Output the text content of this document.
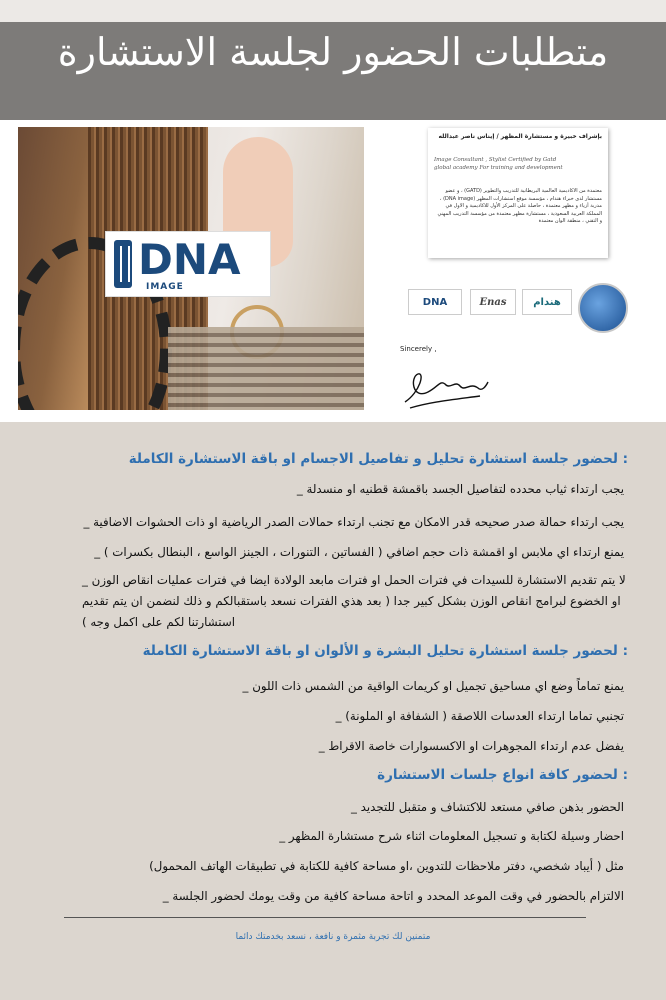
متطلبات الحضور لجلسة الاستشارة
DNA
IMAGE
بإشراف خبيرة و مستشارة المظهر / إيناس ناصر عبدالله
Image Consultant , Stylist Certified by Gatd global academy For training and development
معتمدة من الاكاديمية العالمية البريطانية للتدريب والتطوير (GATD) ، و عضو مستشار لدى خبراء هندام ، مؤسسة موقع استشارات المظهر (DNA image) ، مدربة أزياء و مظهر معتمدة ، حاصلة على المركز الأول للاكاديمية و الاول في المملكة العربية السعودية ، مستشارة مظهر معتمدة من مؤسسة التدريب المهني و التقني ، منطقة الوان معتمدة
DNA	Enas	هندام
Sincerely ,
لحضور جلسة استشارة تحليل و تفاصيل الاجسام او باقة الاستشارة الكاملة :
_ يجب ارتداء ثياب محدده لتفاصيل الجسد باقمشة قطنيه او منسدلة
_ يجب ارتداء حمالة صدر صحيحه قدر الامكان مع تجنب ارتداء حمالات الصدر الرياضية او ذات الحشوات الاضافية
_ يمنع ارتداء اي ملابس او اقمشة ذات حجم اضافي ( الفساتين ، التنورات ، الجينز الواسع ، البنطال بكسرات )
_ لا يتم تقديم الاستشارة للسيدات في فترات الحمل او فترات مابعد الولادة ايضا في فترات عمليات انقاص الوزن او الخضوع لبرامج انقاص الوزن بشكل كبير جدا ( بعد هذي الفترات نسعد باستقبالكم و ذلك لنضمن ان يتم تقديم استشارتنا لكم على اكمل وجه )
لحضور جلسة استشارة تحليل البشرة و الألوان او باقة الاستشارة الكاملة :
_ يمنع تماماً وضع اي مساحيق تجميل او كريمات الواقية من الشمس ذات اللون
_ تجنبي تماما ارتداء العدسات اللاصقة ( الشفافة او الملونة)
_ يفضل عدم ارتداء المجوهرات او الاكسسوارات خاصة الاقراط
لحضور كافة انواع جلسات الاستشارة :
_ الحضور بذهن صافي مستعد للاكتشاف و متقبل للتجديد
_ احضار وسيلة لكتابة و تسجيل المعلومات اثناء شرح مستشارة المظهر
مثل ( أيباد شخصي، دفتر ملاحظات للتدوين ،او مساحة كافية للكتابة في تطبيقات الهاتف المحمول)
_ الالتزام بالحضور في وقت الموعد المحدد و اتاحة مساحة كافية من وقت يومك لحضور الجلسة
متمنين لك تجربة مثمرة و نافعة ، نسعد بخدمتك دائما
